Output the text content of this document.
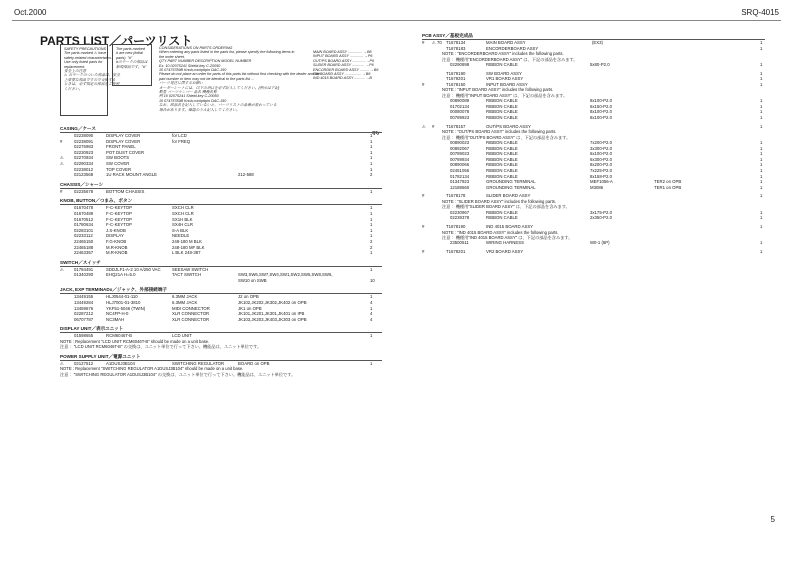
Oct.2000	SRQ-4015
PARTS LIST／パーツリスト
SAFETY PRECAUTIONS
The parts marked ⚠ have
safety-related characteristics.
Use only listed parts for
replacement.
安全上の注意
⚠ のマークのついた部品は、安全
上重要な部品ですので交換する
ときは、必ず指定の部品をご使用
ください。
The parts marked
# are new (initial
parts). "#"
#のマークの部品は
新規部品です。"#"
CONSIDERATIONS ON PARTS ORDERING
When ordering any parts listed in the parts list, please specify the following items in
the order sheet.
QTY PART NUMBER DESCRIPTION MODEL NUMBER
Ex. 10 02075241 Shield-key C-20050
10 07475789B Knob,cockpitpin DAC-150
Please do not place an order for parts of this parts list without first checking with the dealer and the
part number or item may not be identical to the parts list ...
パーツ発注に関するお願い
オーダーシートには、以下の項目を必ず記入してください。(例示は下記)
数量 パーツナンバー 品名 機種名称
例 10 02075241 Shield-key C-20050
10 07475789B Knob,cockpitpin DAC-150
なお、部品名を記入していないと、パーツリストの品番が変わっている
場合があります。確認のうえ記入してください。
MAIN BOARD ASSY .............. →B6
INPUT BOARD ASSY ............. →P6
OUT/PS BOARD ASSY ............ →P6
SLIDER BOARD ASSY ............ →P6
ENCORDER BOARD ASSY ......... →B6
SW BOARD ASSY ................ →B6
IND 4015 BOARD ASSY .......... →B
Qty
CASING／ケース
02238090	DISPLAY COVER	for LCD	1
#	02238091	DISPLAY COVER	for FREQ	1
02276983	FRONT PANEL	1
02230923	POT DUST COVER	1
⚠ 02270934	SW BOOTS	1
⚠ 02290334	SW COVER	1
02238012	TOP COVER	1
02123568	1U RACK MOUNT ANGLE	212-588	2
CHASSIS／シャーシ
#	02235678	BOTTOM CHASSIS	1
KNOB, BUTTON／つまみ、ボタン
01670478	F-C-KEYTOP	SXCH CLR	1
01670489	F-C-KEYTOP	SXCH CLR	1
01670512	F-C-KEYTOP	SX1H BLK	1
01780634	F-C-KEYTOP	SX4H CLR	1
02283101	J.S-KNOB	S-A BLK	1
02233112	DISPLAY	NEEDLE	1
22465150	F.G-KNOB	248-180 M BLK	2
22465188	M.R-KNOB	248-180 MF BLK	2
22463357	M.R-KNOB	L BLK 248-387	1
SWITCH／スイッチ
⚠ 01784491	SDDJLF1-A-2 10 A/250 VAC	SEESAW SWITCH	1
01340290	EHQ21A H=5.0	TACT SWITCH	SW3,SW6,SW7,SW4,SW1,SW2,SW5,SW8,SW6,
SW10 on SWB	10
JACK, EXP TERMINADx／ジャック、外部接続端子
13449155	HLJ0544-01-110	6.3MM JACK	J2 on OPB	1
13449284	HLJ7001-01-3810	6.3MM JACK	JK102,JK202,JK302,JK402 on OPB	4
13459676	YKF51-5046 (TWIN)	MIDI CONNECTOR	JK1 on OPB	1
02287212	NC4FP-H-0	XLR CONNECTOR	JK101,JK201,JK301,JK401 on IPB	4
06707787	NC3MAH	XLR CONNECTOR	JK103,JK203,JK403,JK303 on OPB	4
DISPLAY UNIT／表示ユニット
01598655	RCM6046T-B	LCD UNIT	1
NOTE : Replacement "LCD UNIT RCM6046T-B" should be made on a unit base.
注意 ："LCD UNIT RCM6046T-B" の交換は、ユニット単位で行って下さい。機能品は、ユニット単位です。
POWER SUPPLY UNIT／電源ユニット
⚠ 02127512	A1DUSJ3B104	SWITCHING REGULATOR	BOARD on OPB	1
NOTE : Replacement "SWITCHING REGULATOR A1DUSJ3B104" should be made on a unit base.
注意 ："SWITCHING REGULATOR A1DUSJ3B104" の交換は、ユニット単位で行って下さい。機能品は、ユニット単位です。
PCB ASSY／基板完成品
# ⚠ 70 T1678134	MAIN BOARD ASSY	(EX3)	1
T1678183	ENCORDERBOARD ASSY	1
NOTE : "ENCORDERBOARD ASSY" includes the following parts.
注意 ：機種用"ENCORDERBOARD ASSY" は、下記の部品を含みます。
02290898	RIBBON CABLE	5x80-P2.0	1
T1679190	SW BOARD ASSY	1
T1679201	VR1 BOARD ASSY	1
#	T1678150	INPUT BOARD ASSY	1
NOTE : "INPUT BOARD ASSY" includes the following parts.
注意 ：機種用"INPUT BOARD ASSY" は、下記の部品を含みます。
00890089	RIBBON CABLE	8x100-P2.0	1
01702134	RIBBON CABLE	6x150-P2.0	1
00080078	RIBBON CABLE	8x100-P2.0	1
00789923	RIBBON CABLE	8x100-P2.0	1
⚠ #	T1678157	OUT/PS BOARD ASSY	1
NOTE : "OUT/PS BOARD ASSY" includes the following parts.
注意 ：機種用"OUT/PS BOARD ASSY" は、下記の部品を含みます。
00890023	RIBBON CABLE	7x200-P2.0	1
00892067	RIBBON CABLE	3x300-P2.0	1
00789023	RIBBON CABLE	6x100-P2.0	1
00789934	RIBBON CABLE	6x300-P2.0	1
00890066	RIBBON CABLE	8x200-P2.0	1
02451056	RIBBON CABLE	7x225-P2.0	1
01782134	RIBBON CABLE	8x158-P2.0	1
01347923	GROUNDING TERMINAL	MEF1056-A	TER2 on OPB	1
12188560	GROUNDING TERMINAL	M3086	TER1 on OPB	1
#	T1678178	SLIDER BOARD ASSY	1
NOTE : "SLIDER BOARD ASSY" includes the following parts.
注意 ：機種用"SLIDER BOARD ASSY" は、下記の部品を含みます。
02230967	RIBBON CABLE	3x175-P2.0	1
02239378	RIBBON CABLE	2x350-P2.0	1
#	T1678190	IND 4015 BOARD ASSY	1
NOTE : "IND 4015 BOARD ASSY" includes the following parts.
注意 ：機種用"IND 4015 BOARD ASSY" は、下記の部品を含みます。
23500511	WIRING HARNESS	W0-1 (6P)	1
#	T1678201	VR2 BOARD ASSY	1
5
